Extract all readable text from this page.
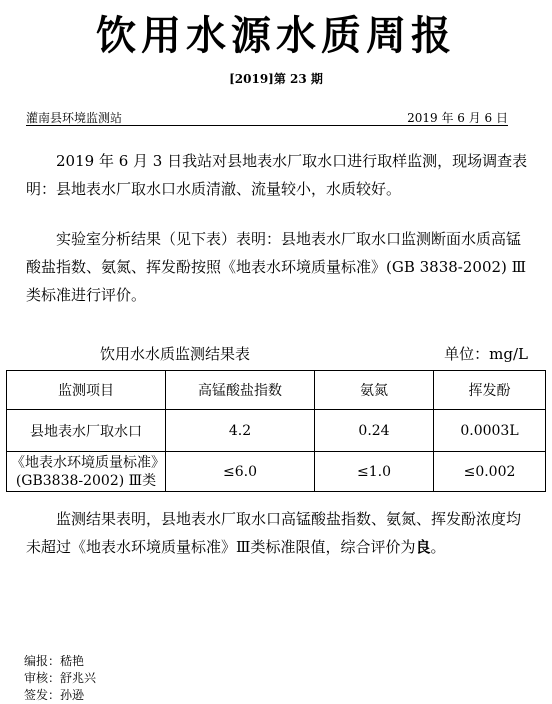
饮用水源水质周报
[2019]第 23 期
灌南县环境监测站	2019 年 6 月 6 日

2019 年 6 月 3 日我站对县地表水厂取水口进行取样监测，现场调查表明：县地表水厂取水口水质清澈、流量较小，水质较好。

实验室分析结果（见下表）表明：县地表水厂取水口监测断面水质高锰酸盐指数、氨氮、挥发酚按照《地表水环境质量标准》(GB 3838-2002) Ⅲ类标准进行评价。

饮用水水质监测结果表	单位：mg/L
监测项目	高锰酸盐指数	氨氮	挥发酚
县地表水厂取水口	4.2	0.24	0.0003L

《地表水环境质量标准》
(GB3838-2002) Ⅲ类	≤6.0	≤1.0	≤0.002

监测结果表明，县地表水厂取水口高锰酸盐指数、氨氮、挥发酚浓度均未超过《地表水环境质量标准》Ⅲ类标准限值，综合评价为良。

编报：嵇艳
审核：舒兆兴
签发：孙逊
